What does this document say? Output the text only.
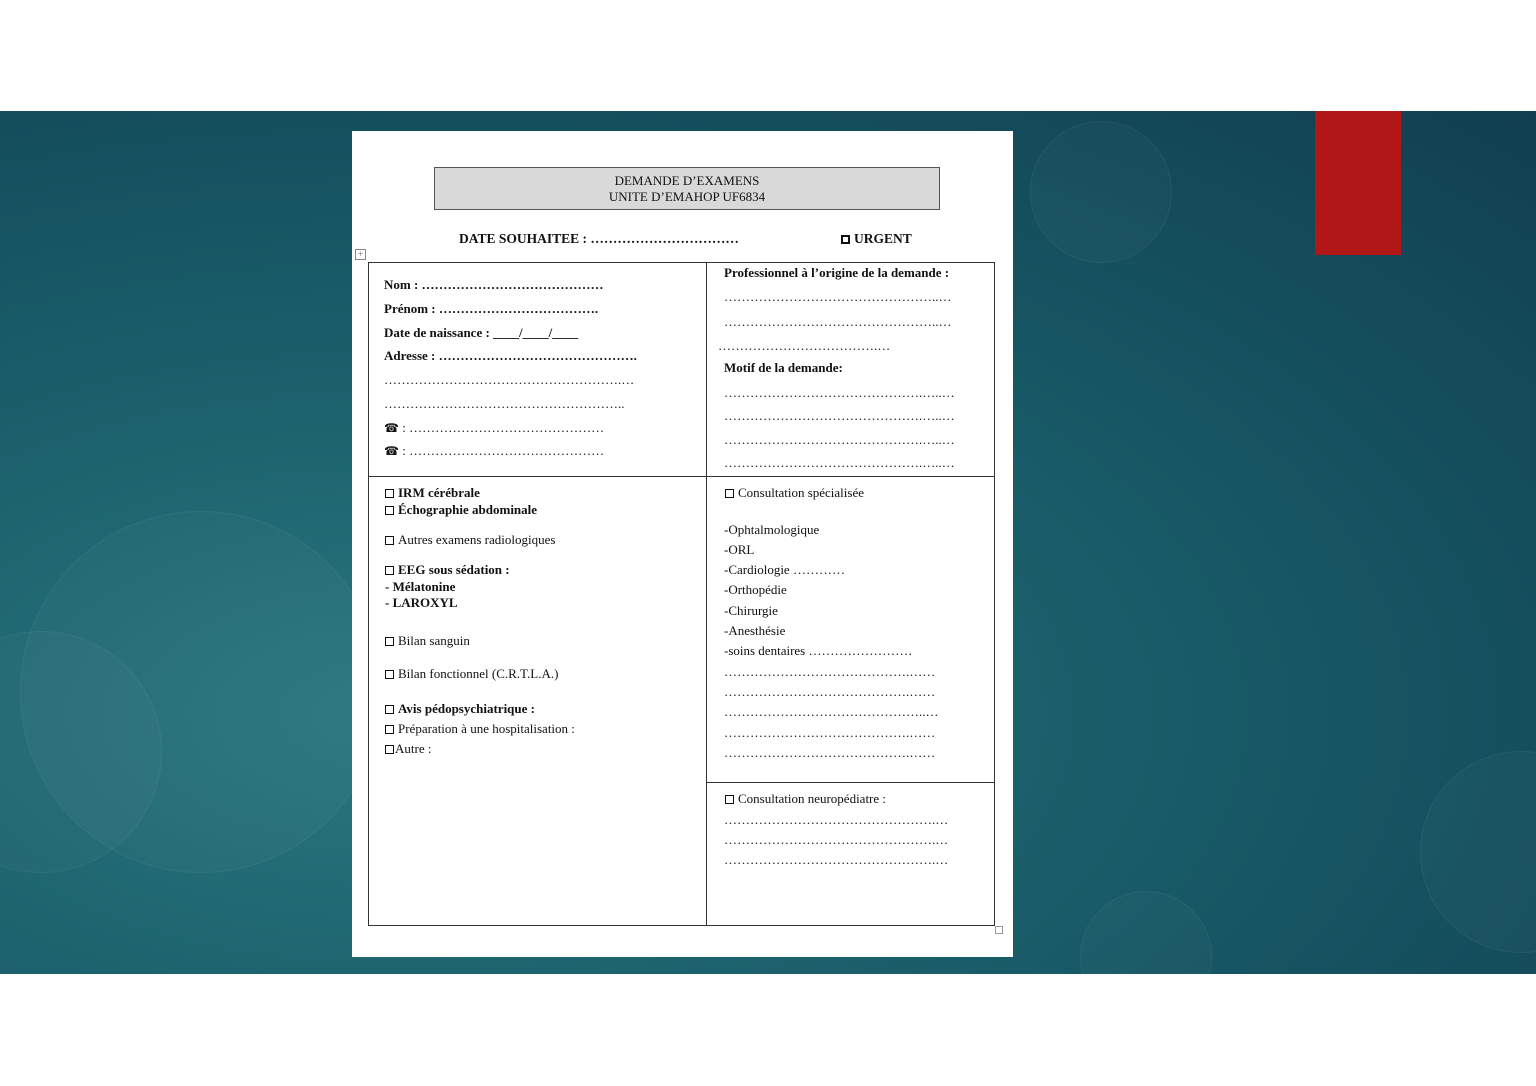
DEMANDE D’EXAMENS
UNITE D’EMAHOP UF6834
DATE SOUHAITEE : ……………………………	URGENT
+
Nom : ……………………………………
Prénom : ……………………………….
Date de naissance : ____/____/____
Adresse : ……………………………………….
……………………………………………….…
………………………………………………..
☎ : ………………………………………
☎ : ………………………………………
Professionnel à l’origine de la demande :
…………………………………………..…
…………………………………………..…
……………………………….…
Motif de la demande:
……………………………………….…..…
……………………………………….…..…
……………………………………….…..…
……………………………………….…..…
IRM cérébrale
Échographie abdominale
Autres examens radiologiques
EEG sous sédation :
- Mélatonine
- LAROXYL
Bilan sanguin
Bilan fonctionnel (C.R.T.L.A.)
Avis pédopsychiatrique :
Préparation à une hospitalisation :
Autre :
Consultation spécialisée
-Ophtalmologique
-ORL
-Cardiologie …………
-Orthopédie
-Chirurgie
-Anesthésie
-soins dentaires ……………………
…………………………………….……
…………………………………….……
………………………………………..…
…………………………………….……
…………………………………….……
Consultation neuropédiatre :
………………………………………….…
………………………………………….…
………………………………………….…
